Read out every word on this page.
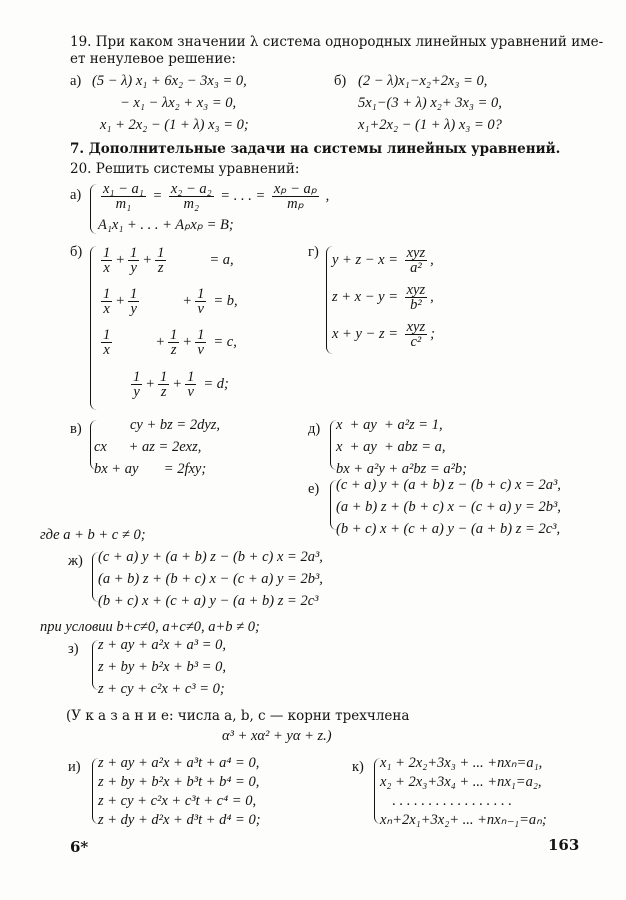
19. При каком значении λ система однородных линейных уравнений име-
ет ненулевое решение:
а) (5 − λ) x₁ + 6x₂ − 3x₃ = 0,
− x₁ − λx₂ + x₃ = 0,
x₁ + 2x₂ − (1 + λ) x₃ = 0;
б) (2 − λ)x₁−x₂+2x₃ = 0,
5x₁−(3 + λ) x₂+ 3x₃ = 0,
x₁+2x₂ − (1 + λ) x₃ = 0?
7. Дополнительные задачи на системы линейных уравнений.
20. Решить системы уравнений:
$а) \frac{\text{x₁ − a₁}}{\text{m₁}} = \frac{\text{x₂ − a₂}}{\text{m₂}}$ = . . . = $\frac{\text{xₚ − aₚ}}{\text{mₚ}}$ ,
A₁x₁ + . . . + Aₚxₚ = B;
$б) \frac{1}{x} + \frac{1}{y} + \frac{1}{z}$	= a,
$\frac{1}{x} + \frac{1}{y}$	+ $\frac{1}{v} = b$,
$\frac{1}{x}$	+ $\frac{1}{z} + \frac{1}{v} = c$,
$\frac{1}{y} + \frac{1}{z} + \frac{1}{v} = d$;
г) $y + z - x = \frac{\text{xyz}}{\text{a²}}$ ,
$z + x - y = \frac{\text{xyz}}{\text{b²}}$ ,
$x + y - z = \frac{\text{xyz}}{\text{c²}}$ ;
в)	cy + bz = 2dyz,
cx      + az = 2exz,
bx + ay       = 2fxy;
д) x  + ay  + a²z = 1,
x  + ay  + abz = a,
bx + a²y + a²bz = a²b;
е) (c + a) y + (a + b) z − (b + c) x = 2a³,
(a + b) z + (b + c) x − (c + a) y = 2b³,
(b + c) x + (c + a) y − (a + b) z = 2c³,
где a + b + c ≠ 0;
ж) (c + a) y + (a + b) z − (b + c) x = 2a³,
(a + b) z + (b + c) x − (c + a) y = 2b³,
(b + c) x + (c + a) y − (a + b) z = 2c³
при условии b+c≠0, a+c≠0, a+b ≠ 0;
з) z + ay + a²x + a³ = 0,
z + by + b²x + b³ = 0,
z + cy + c²x + c³ = 0;
(У к а з а н и е: числа a, b, c — корни трехчлена
α³ + xα² + yα + z.)
и) z + ay + a²x + a³t + a⁴ = 0,
z + by + b²x + b³t + b⁴ = 0,
z + cy + c²x + c³t + c⁴ = 0,
z + dy + d²x + d³t + d⁴ = 0;
к) x₁ + 2x₂+3x₃ + ... +nxₙ=a₁,
x₂ + 2x₃+3x₄ + ... +nx₁=a₂,
. . . . . . . . . . . . . . . . .
xₙ+2x₁+3x₂+ ... +nxₙ₋₁=aₙ;
6*	163
